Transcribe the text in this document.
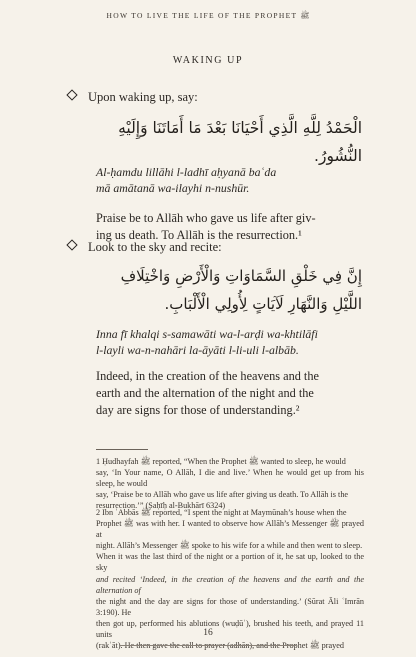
HOW TO LIVE THE LIFE OF THE PROPHET ﷺ
WAKING UP
Upon waking up, say:
الْحَمْدُ لِلَّهِ الَّذِي أَحْيَانَا بَعْدَ مَا أَمَاتَنَا وَإِلَيْهِ النُّشُورُ.
Al-ḥamdu lillāhi l-ladhī aḥyanā baʿda
mā amātanā wa-ilayhi n-nushūr.
Praise be to Allāh who gave us life after giv-
ing us death. To Allāh is the resurrection.¹
Look to the sky and recite:
إِنَّ فِي خَلْقِ السَّمَاوَاتِ وَالْأَرْضِ وَاخْتِلَافِ
اللَّيْلِ وَالنَّهَارِ لَآيَاتٍ لِأُولِي الْأَلْبَابِ.
Inna fī khalqi s-samawāti wa-l-arḍi wa-khtilāfi
l-layli wa-n-nahāri la-āyāti l-li-uli l-albāb.
Indeed, in the creation of the heavens and the
earth and the alternation of the night and the
day are signs for those of understanding.²
1 Ḥudhayfah ﷺ reported, “When the Prophet ﷺ wanted to sleep, he would
say, ‘In Your name, O Allāh, I die and live.’ When he would get up from his sleep, he would
say, ‘Praise be to Allāh who gave us life after giving us death. To Allāh is the
resurrection.’” (Ṣaḥīḥ al-Bukhārī 6324)
2 Ibn ʿAbbās ﷺ reported, “I spent the night at Maymūnah’s house when the
Prophet ﷺ was with her. I wanted to observe how Allāh’s Messenger ﷺ prayed at
night. Allāh’s Messenger ﷺ spoke to his wife for a while and then went to sleep.
When it was the last third of the night or a portion of it, he sat up, looked to the sky
and recited ‘Indeed, in the creation of the heavens and the earth and the alternation of
the night and the day are signs for those of understanding.’ (Sūrat Āli ʿImrān 3:190). He
then got up, performed his ablutions (wuḍūʾ), brushed his teeth, and prayed 11 units
(rakʿāt). He then gave the call to prayer (adhān), and the Prophet ﷺ prayed
16
